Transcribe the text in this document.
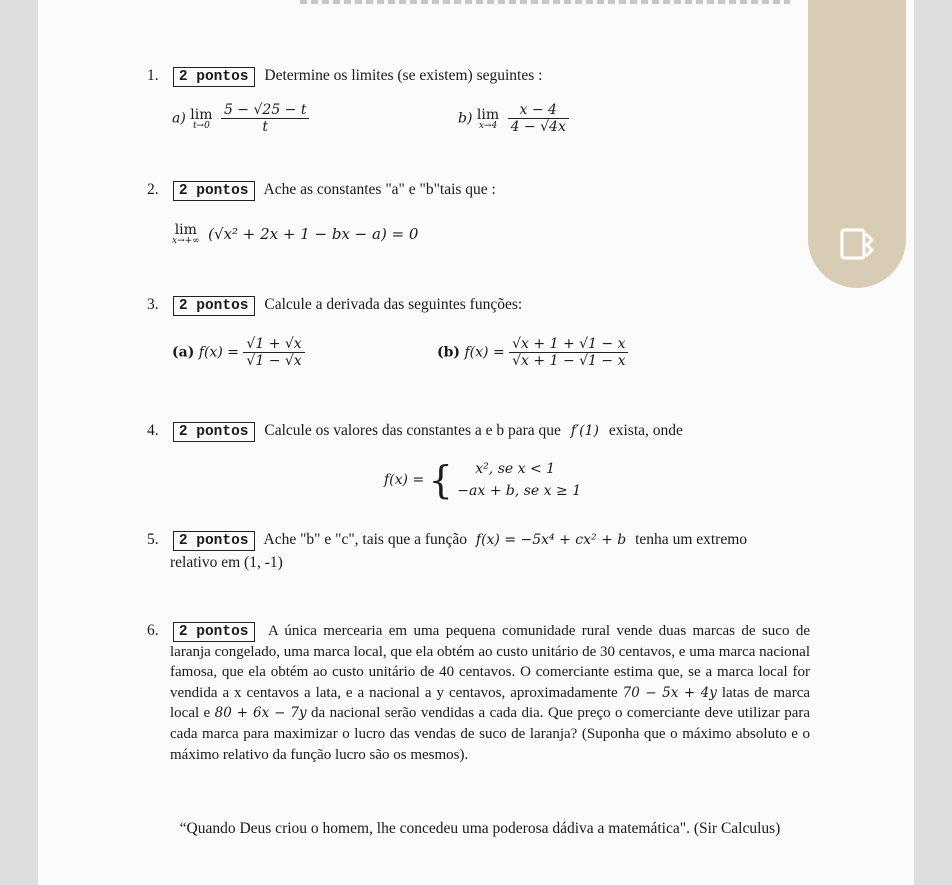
1. 2 pontos Determine os limites (se existem) seguintes :
a) lim
t→0
$\frac{5 - √25 - t}{t}$	b) lim
x→4
$\frac{x - 4}{4 - √4x}$
2. 2 pontos Ache as constantes "a" e "b"tais que :
lim
x→+∞ (√x² + 2x + 1 − bx − a) = 0
3. 2 pontos Calcule a derivada das seguintes funções:
(a) $f(x) = \frac{√1 + √x}{√1 - √x}$	(b) $f(x) = \frac{√x + 1 + √1 - x}{√x + 1 - √1 - x}$
4. 2 pontos Calcule os valores das constantes a e b para que f′(1) exista, onde
f(x) = {	x², se x < 1
−ax + b, se x ≥ 1
5. 2 pontos Ache "b" e "c", tais que a função f(x) = −5x⁴ + cx² + b tenha um extremo
relativo em (1, -1)
6. 2 pontos	A única mercearia em uma pequena comunidade rural vende duas marcas de suco de laranja congelado, uma marca local, que ela obtém ao custo unitário de 30 centavos, e uma marca nacional famosa, que ela obtém ao custo unitário de 40 centavos. O comerciante estima que, se a marca local for vendida a x centavos a lata, e a nacional a y centavos, aproximadamente 70 − 5x + 4y latas de marca local e 80 + 6x − 7y da nacional serão vendidas a cada dia. Que preço o comerciante deve utilizar para cada marca para maximizar o lucro das vendas de suco de laranja? (Suponha que o máximo absoluto e o máximo relativo da função lucro são os mesmos).
“Quando Deus criou o homem, lhe concedeu uma poderosa dádiva a matemática". (Sir Calculus)
